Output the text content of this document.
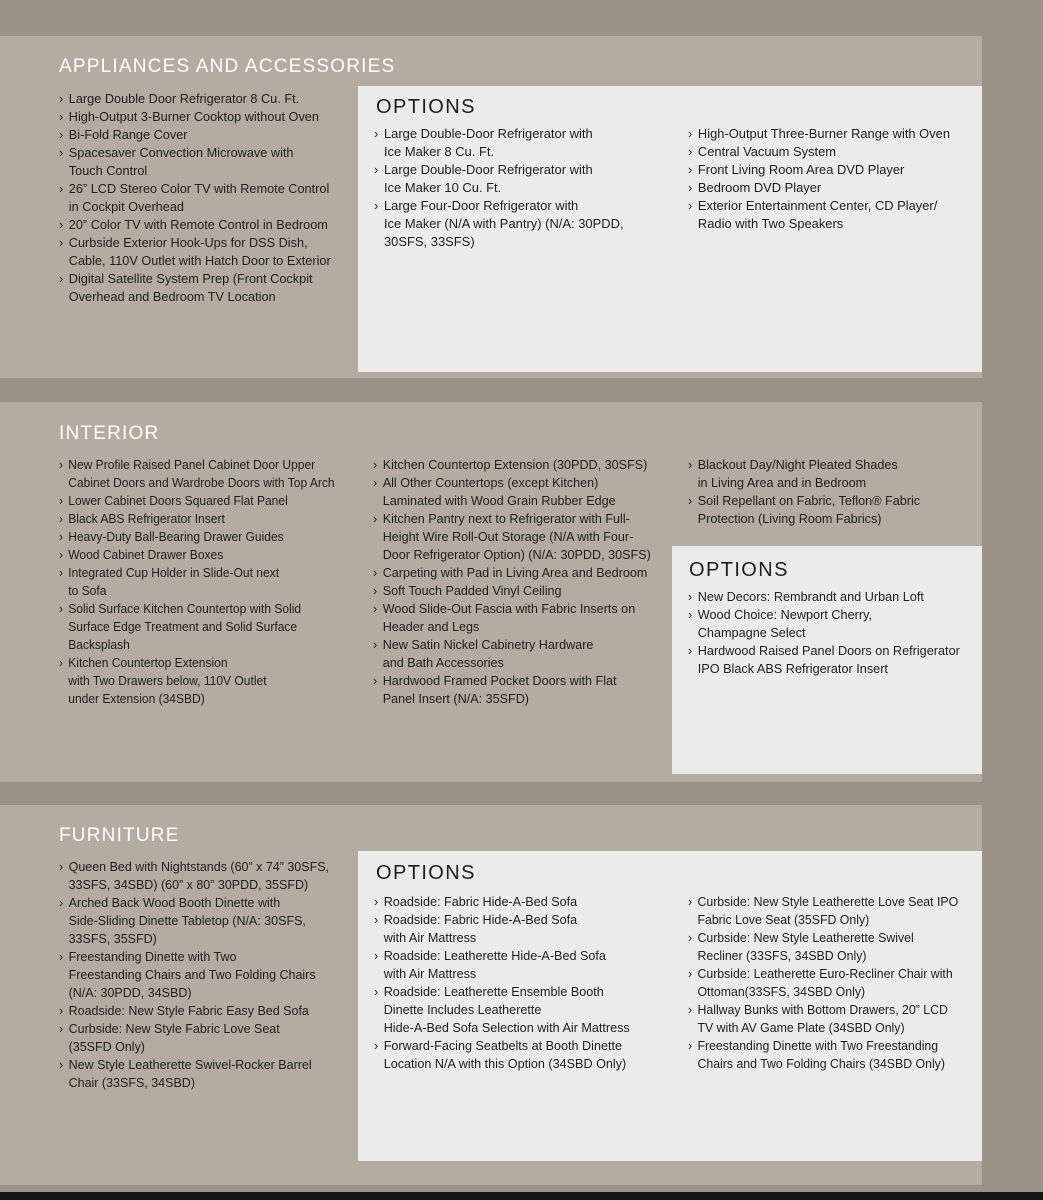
APPLIANCES AND ACCESSORIES
› Large Double Door Refrigerator 8 Cu. Ft.
› High-Output 3-Burner Cooktop without Oven
› Bi-Fold Range Cover
› Spacesaver Convection Microwave with
Touch Control
› 26” LCD Stereo Color TV with Remote Control
in Cockpit Overhead
› 20” Color TV with Remote Control in Bedroom
› Curbside Exterior Hook-Ups for DSS Dish,
Cable, 110V Outlet with Hatch Door to Exterior
› Digital Satellite System Prep (Front Cockpit
Overhead and Bedroom TV Location
OPTIONS
› Large Double-Door Refrigerator with
Ice Maker 8 Cu. Ft.
› Large Double-Door Refrigerator with
Ice Maker 10 Cu. Ft.
› Large Four-Door Refrigerator with
Ice Maker (N/A with Pantry) (N/A: 30PDD,
30SFS, 33SFS)
› High-Output Three-Burner Range with Oven
› Central Vacuum System
› Front Living Room Area DVD Player
› Bedroom DVD Player
› Exterior Entertainment Center, CD Player/
Radio with Two Speakers
INTERIOR
› New Profile Raised Panel Cabinet Door Upper
Cabinet Doors and Wardrobe Doors with Top Arch
› Lower Cabinet Doors Squared Flat Panel
› Black ABS Refrigerator Insert
› Heavy-Duty Ball-Bearing Drawer Guides
› Wood Cabinet Drawer Boxes
› Integrated Cup Holder in Slide-Out next
to Sofa
› Solid Surface Kitchen Countertop with Solid
Surface Edge Treatment and Solid Surface
Backsplash
› Kitchen Countertop Extension
with Two Drawers below, 110V Outlet
under Extension (34SBD)
› Kitchen Countertop Extension (30PDD, 30SFS)
› All Other Countertops (except Kitchen)
Laminated with Wood Grain Rubber Edge
› Kitchen Pantry next to Refrigerator with Full-
Height Wire Roll-Out Storage (N/A with Four-
Door Refrigerator Option) (N/A: 30PDD, 30SFS)
› Carpeting with Pad in Living Area and Bedroom
› Soft Touch Padded Vinyl Ceiling
› Wood Slide-Out Fascia with Fabric Inserts on
Header and Legs
› New Satin Nickel Cabinetry Hardware
and Bath Accessories
› Hardwood Framed Pocket Doors with Flat
Panel Insert (N/A: 35SFD)
› Blackout Day/Night Pleated Shades
in Living Area and in Bedroom
› Soil Repellant on Fabric, Teflon® Fabric
Protection (Living Room Fabrics)
OPTIONS
› New Decors: Rembrandt and Urban Loft
› Wood Choice: Newport Cherry,
Champagne Select
› Hardwood Raised Panel Doors on Refrigerator
IPO Black ABS Refrigerator Insert
FURNITURE
› Queen Bed with Nightstands (60” x 74” 30SFS,
33SFS, 34SBD) (60” x 80” 30PDD, 35SFD)
› Arched Back Wood Booth Dinette with
Side-Sliding Dinette Tabletop (N/A: 30SFS,
33SFS, 35SFD)
› Freestanding Dinette with Two
Freestanding Chairs and Two Folding Chairs
(N/A: 30PDD, 34SBD)
› Roadside: New Style Fabric Easy Bed Sofa
› Curbside: New Style Fabric Love Seat
(35SFD Only)
› New Style Leatherette Swivel-Rocker Barrel
Chair (33SFS, 34SBD)
OPTIONS
› Roadside: Fabric Hide-A-Bed Sofa
› Roadside: Fabric Hide-A-Bed Sofa
with Air Mattress
› Roadside: Leatherette Hide-A-Bed Sofa
with Air Mattress
› Roadside: Leatherette Ensemble Booth
Dinette Includes Leatherette
Hide-A-Bed Sofa Selection with Air Mattress
› Forward-Facing Seatbelts at Booth Dinette
Location N/A with this Option (34SBD Only)
› Curbside: New Style Leatherette Love Seat IPO
Fabric Love Seat (35SFD Only)
› Curbside: New Style Leatherette Swivel
Recliner (33SFS, 34SBD Only)
› Curbside: Leatherette Euro-Recliner Chair with
Ottoman(33SFS, 34SBD Only)
› Hallway Bunks with Bottom Drawers, 20” LCD
TV with AV Game Plate (34SBD Only)
› Freestanding Dinette with Two Freestanding
Chairs and Two Folding Chairs (34SBD Only)
